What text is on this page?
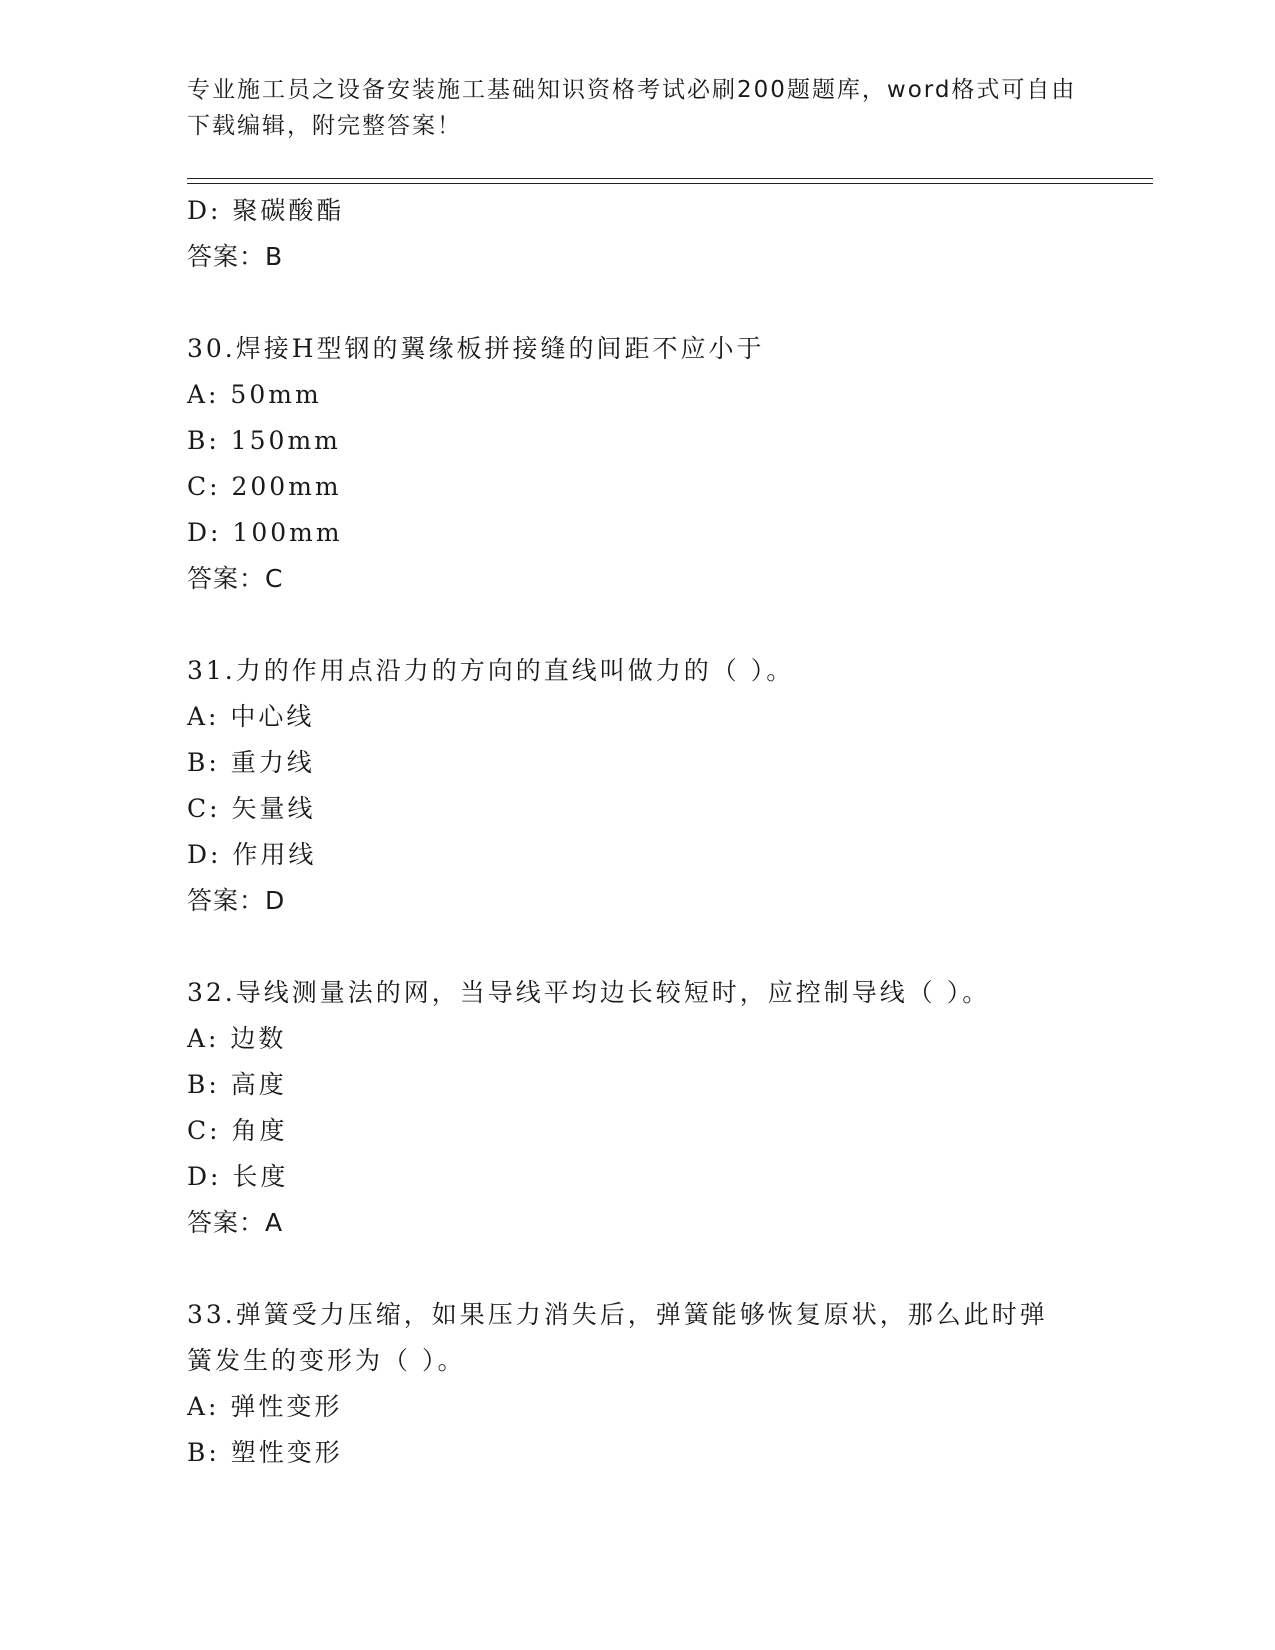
专业施工员之设备安装施工基础知识资格考试必刷200题题库，word格式可自由
下载编辑，附完整答案！
D: 聚碳酸酯
答案：B
30.焊接H型钢的翼缘板拼接缝的间距不应小于
A: 50mm
B: 150mm
C: 200mm
D: 100mm
答案：C
31.力的作用点沿力的方向的直线叫做力的（ ）。
A: 中心线
B: 重力线
C: 矢量线
D: 作用线
答案：D
32.导线测量法的网，当导线平均边长较短时，应控制导线（ ）。
A: 边数
B: 高度
C: 角度
D: 长度
答案：A
33.弹簧受力压缩，如果压力消失后，弹簧能够恢复原状，那么此时弹
簧发生的变形为（ ）。
A: 弹性变形
B: 塑性变形
